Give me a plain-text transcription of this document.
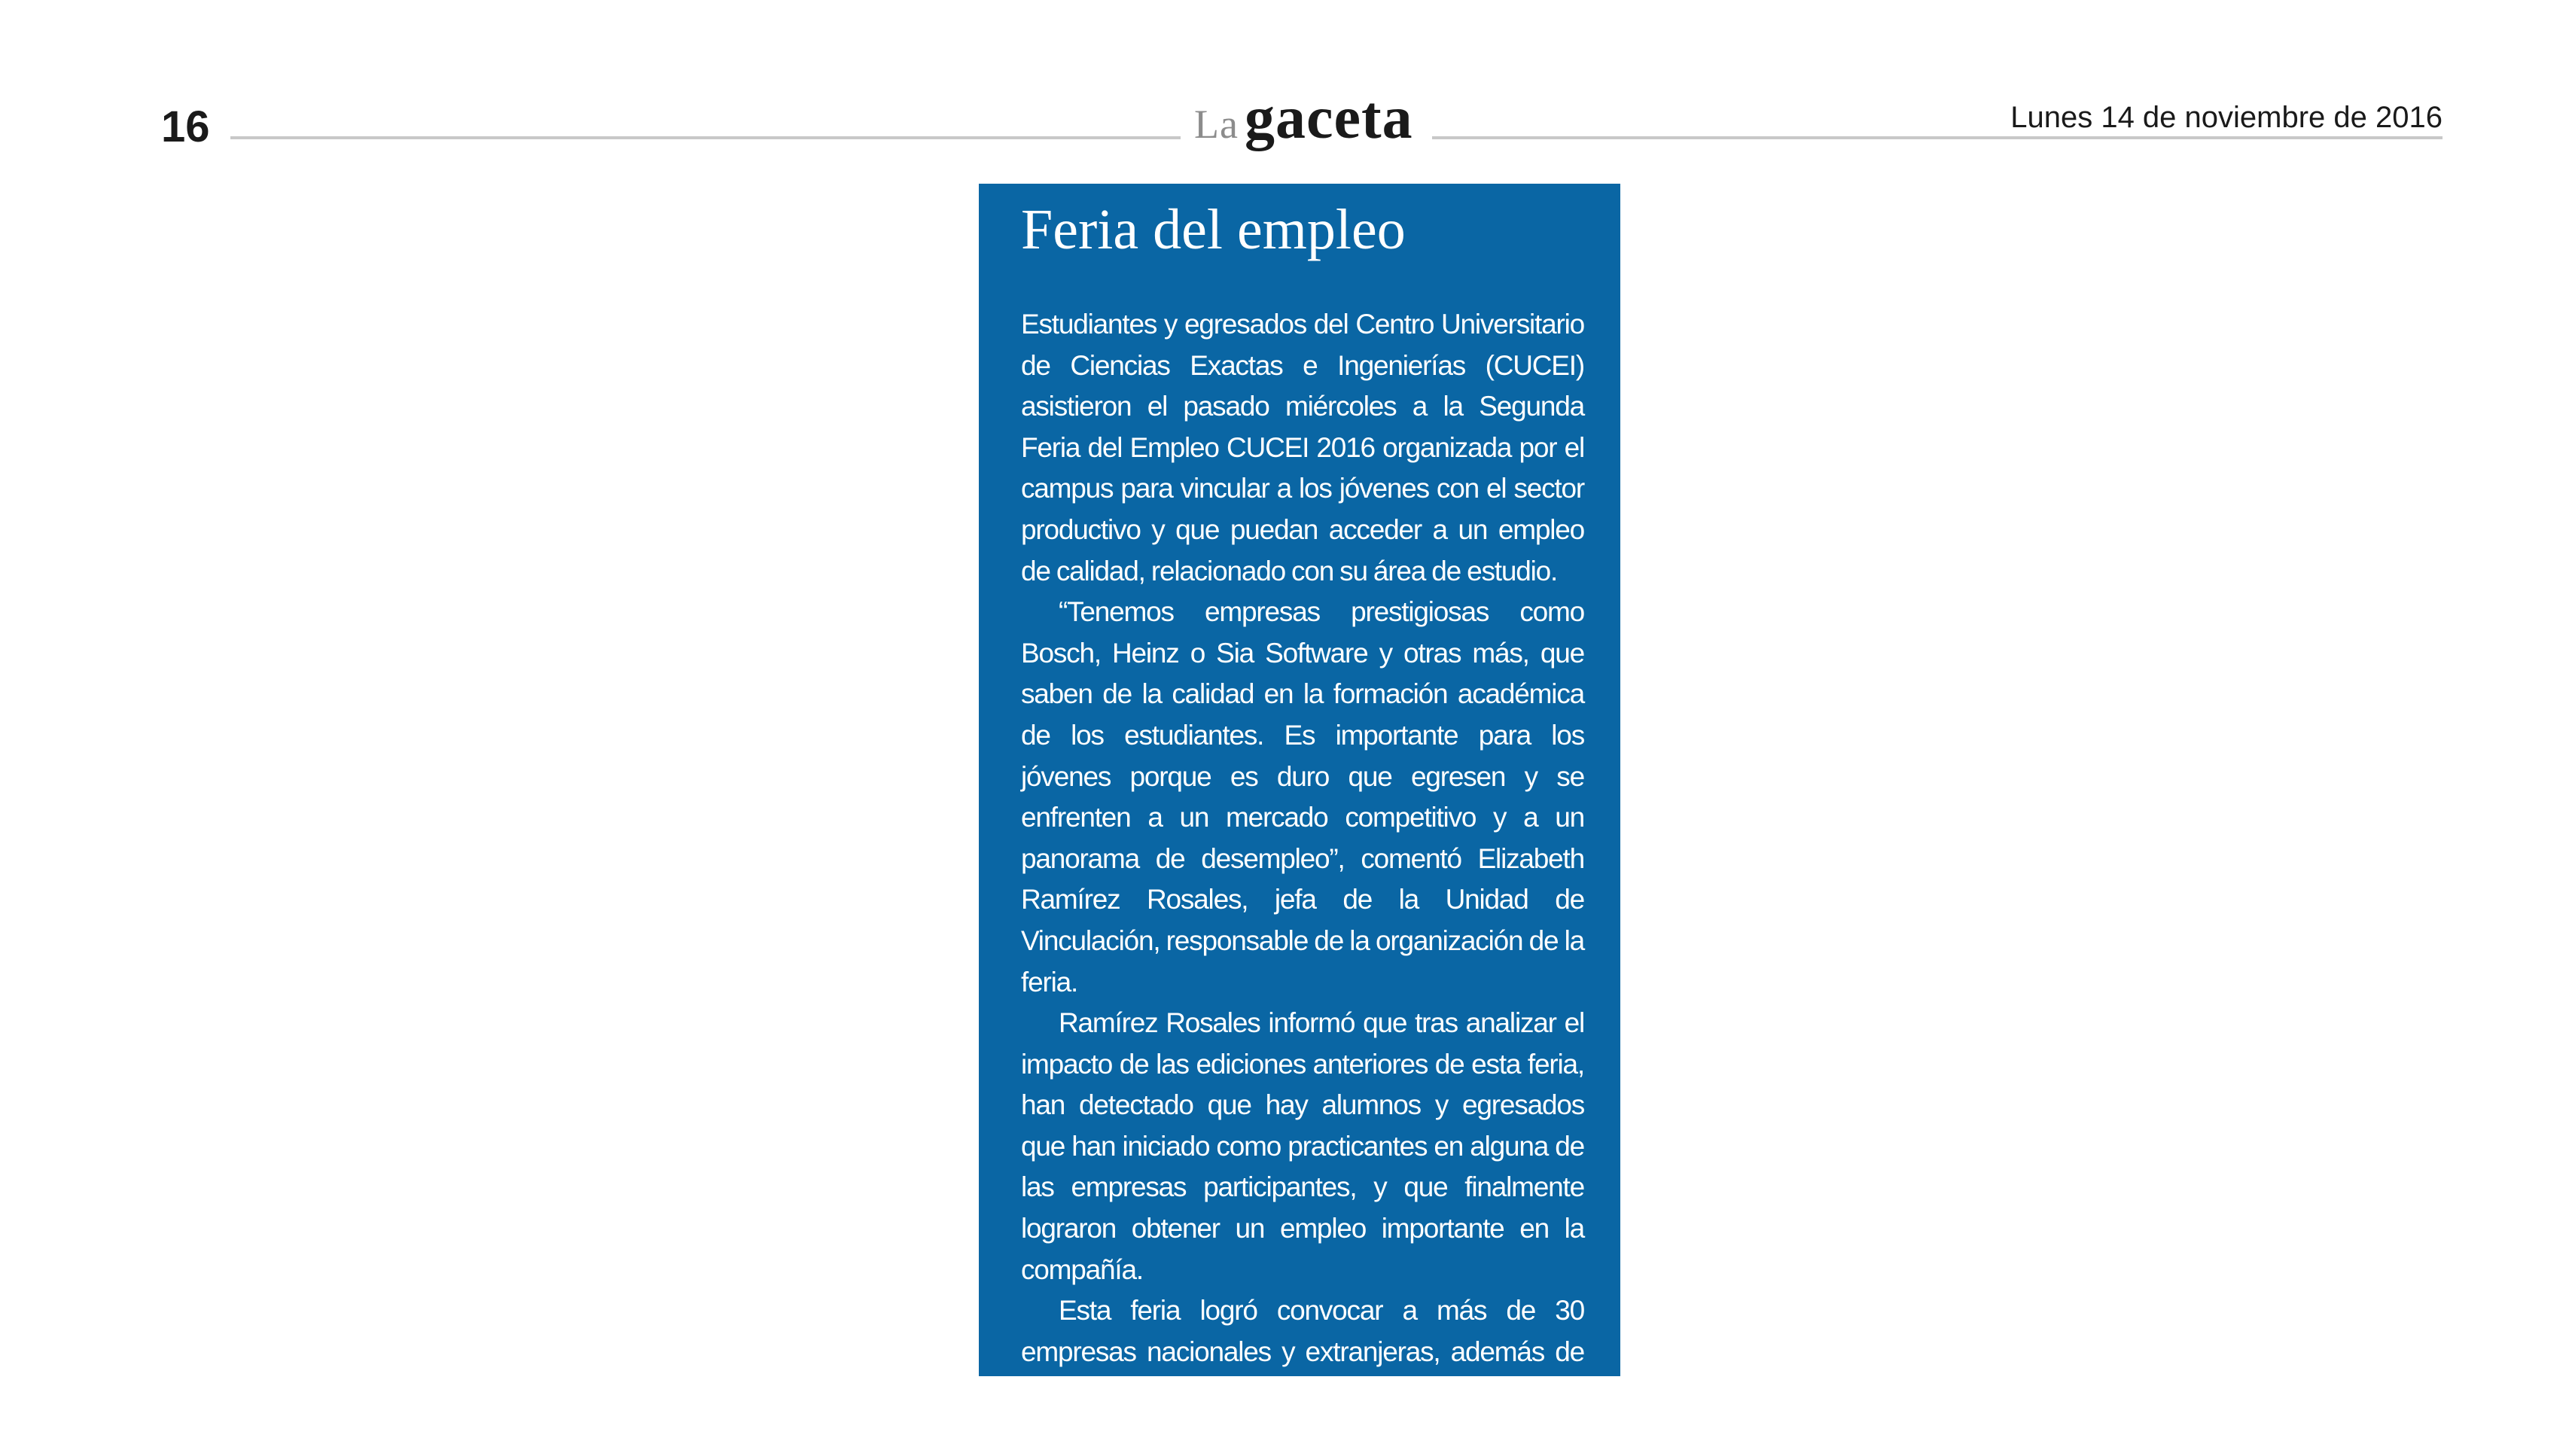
16	La gaceta	Lunes 14 de noviembre de 2016
Feria del empleo

Estudiantes y egresados del Centro Universitario de Ciencias Exactas e Ingenierías (CUCEI) asistieron el pasado miércoles a la Segunda Feria del Empleo CUCEI 2016 organizada por el campus para vincular a los jóvenes con el sector productivo y que puedan acceder a un empleo de calidad, relacionado con su área de estudio.

“Tenemos empresas prestigiosas como Bosch, Heinz o Sia Software y otras más, que saben de la calidad en la formación académica de los estudiantes. Es importante para los jóvenes porque es duro que egresen y se enfrenten a un mercado competitivo y a un panorama de desempleo”, comentó Elizabeth Ramírez Rosales, jefa de la Unidad de Vinculación, responsable de la organización de la feria.

Ramírez Rosales informó que tras analizar el impacto de las ediciones anteriores de esta feria, han detectado que hay alumnos y egresados que han iniciado como practicantes en alguna de las empresas participantes, y que finalmente lograron obtener un empleo importante en la compañía.

Esta feria logró convocar a más de 30 empresas nacionales y extranjeras, además de entidades gubernamentales y organizaciones civiles. ♦
